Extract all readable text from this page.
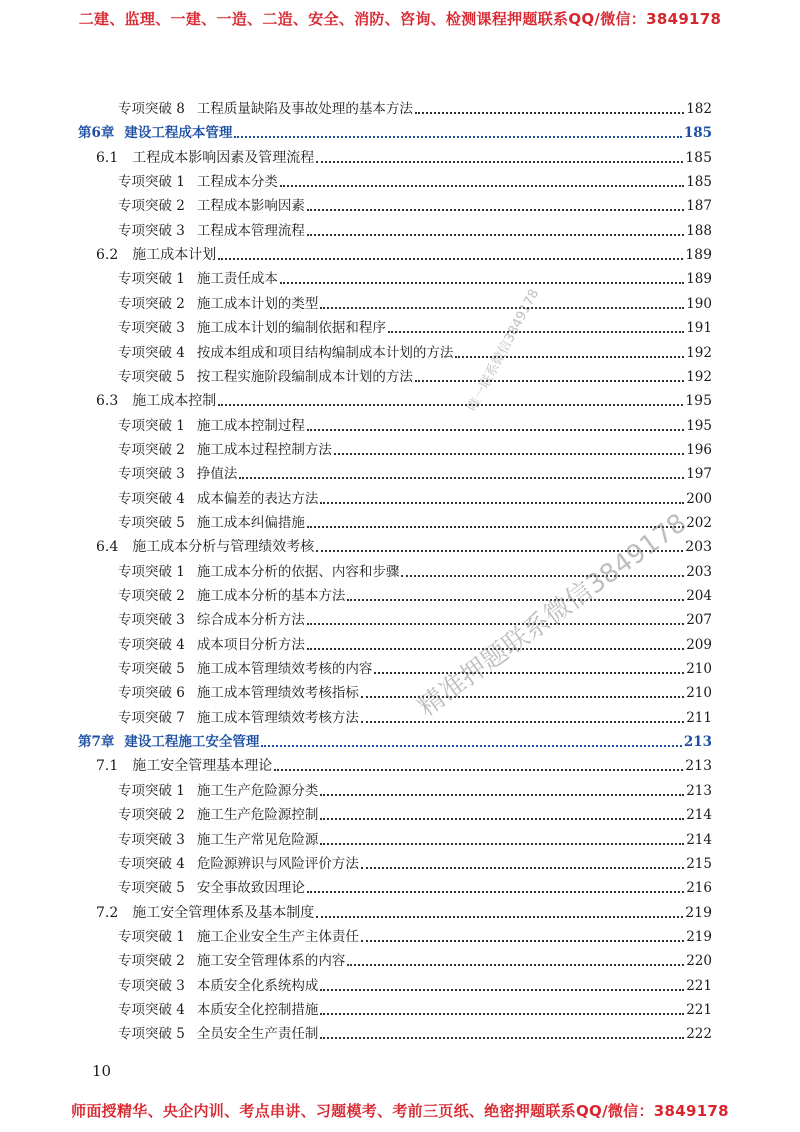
二建、监理、一建、一造、二造、安全、消防、咨询、检测课程押题联系QQ/微信：3849178
专项突破 8 工程质量缺陷及事故处理的基本方法	182
第6章 建设工程成本管理	185
6.1 工程成本影响因素及管理流程	185
专项突破 1 工程成本分类	185
专项突破 2 工程成本影响因素	187
专项突破 3 工程成本管理流程	188
6.2 施工成本计划	189
专项突破 1 施工责任成本	189
专项突破 2 施工成本计划的类型	190
专项突破 3 施工成本计划的编制依据和程序	191
专项突破 4 按成本组成和项目结构编制成本计划的方法	192
专项突破 5 按工程实施阶段编制成本计划的方法	192
6.3 施工成本控制	195
专项突破 1 施工成本控制过程	195
专项突破 2 施工成本过程控制方法	196
专项突破 3 挣值法	197
专项突破 4 成本偏差的表达方法	200
专项突破 5 施工成本纠偏措施	202
6.4 施工成本分析与管理绩效考核	203
专项突破 1 施工成本分析的依据、内容和步骤	203
专项突破 2 施工成本分析的基本方法	204
专项突破 3 综合成本分析方法	207
专项突破 4 成本项目分析方法	209
专项突破 5 施工成本管理绩效考核的内容	210
专项突破 6 施工成本管理绩效考核指标	210
专项突破 7 施工成本管理绩效考核方法	211
第7章 建设工程施工安全管理	213
7.1 施工安全管理基本理论	213
专项突破 1 施工生产危险源分类	213
专项突破 2 施工生产危险源控制	214
专项突破 3 施工生产常见危险源	214
专项突破 4 危险源辨识与风险评价方法	215
专项突破 5 安全事故致因理论	216
7.2 施工安全管理体系及基本制度	219
专项突破 1 施工企业安全生产主体责任	219
专项突破 2 施工安全管理体系的内容	220
专项突破 3 本质安全化系统构成	221
专项突破 4 本质安全化控制措施	221
专项突破 5 全员安全生产责任制	222
唯一联系微信3849178
精准押题联系微信3849178
10
师面授精华、央企内训、考点串讲、习题模考、考前三页纸、绝密押题联系QQ/微信：3849178
